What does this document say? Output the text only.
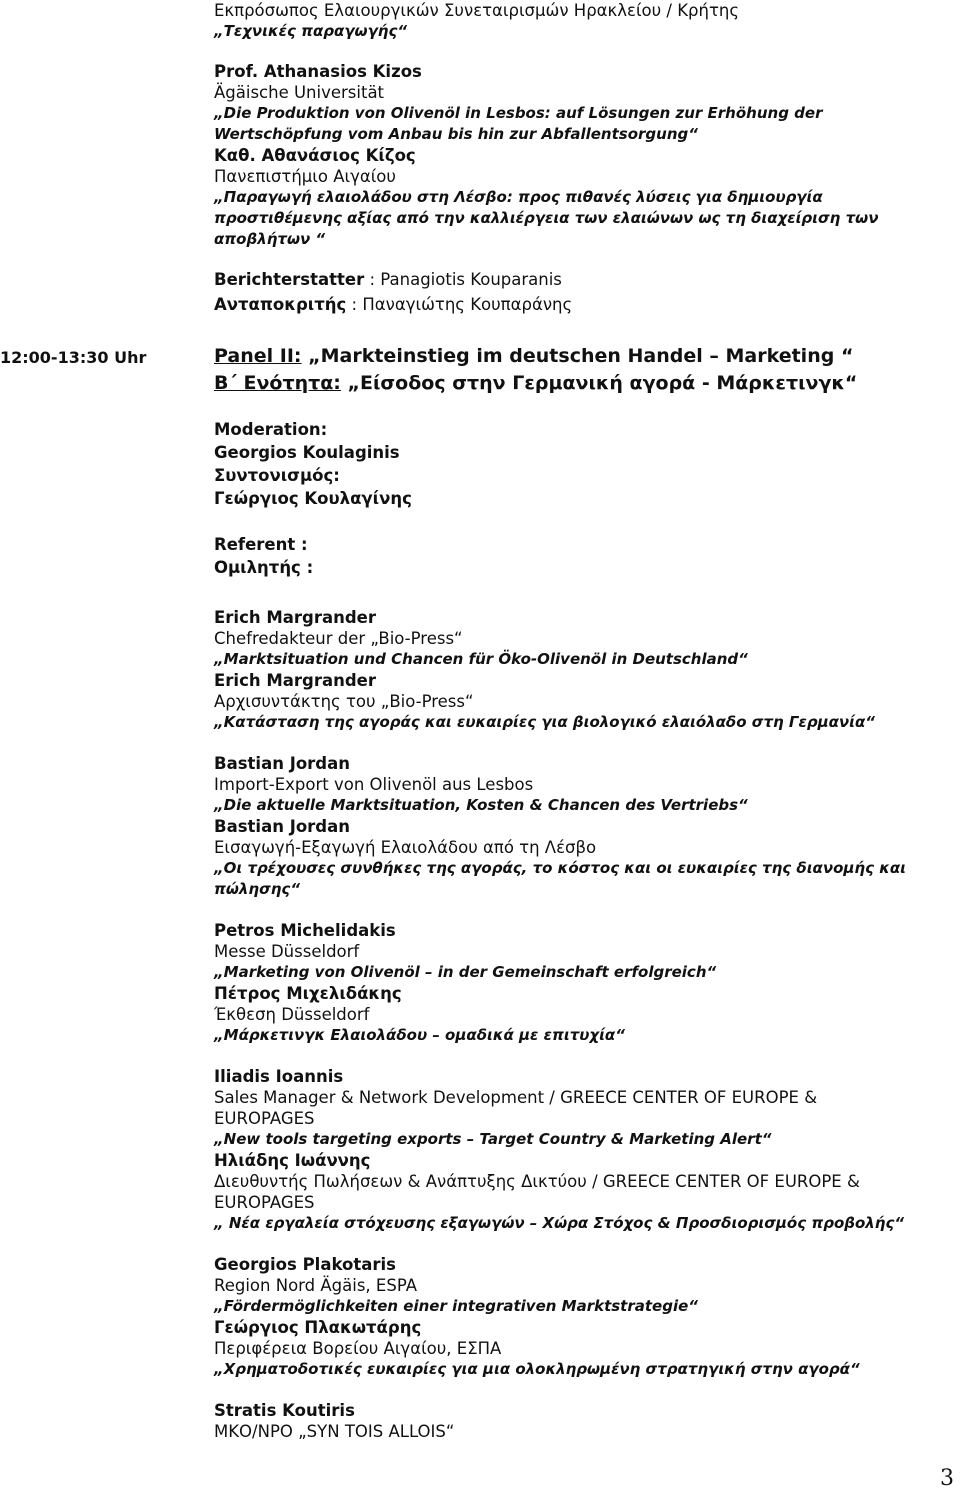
Εκπρόσωπος Ελαιουργικών Συνεταιρισμών Ηρακλείου / Κρήτης
„Τεχνικές παραγωγής“
Prof. Athanasios Kizos
Ägäische Universität
„Die Produktion von Olivenöl in Lesbos: auf Lösungen zur Erhöhung der Wertschöpfung vom Anbau bis hin zur Abfallentsorgung“
Καθ. Αθανάσιος Κίζος
Πανεπιστήμιο Αιγαίου
„Παραγωγή ελαιολάδου στη Λέσβο: προς πιθανές λύσεις για δημιουργία προστιθέμενης αξίας από την καλλιέργεια των ελαιώνων ως τη διαχείριση των αποβλήτων “
Berichterstatter : Panagiotis Kouparanis
Ανταποκριτής : Παναγιώτης Κουπαράνης
12:00-13:30 Uhr	Panel II: „Markteinstieg im deutschen Handel – Marketing “
Β΄ Ενότητα: „Είσοδος στην Γερμανική αγορά - Μάρκετινγκ“
Moderation:
Georgios Koulaginis
Συντονισμός:
Γεώργιος Κουλαγίνης
Referent :
Ομιλητής :
Erich Margrander
Chefredakteur der „Bio-Press“
„Marktsituation und Chancen für Öko-Olivenöl in Deutschland“
Erich Margrander
Αρχισυντάκτης του „Bio-Press“
„Κατάσταση της αγοράς και ευκαιρίες για βιολογικό ελαιόλαδο στη Γερμανία“
Bastian Jordan
Import-Export von Olivenöl aus Lesbos
„Die aktuelle Marktsituation, Kosten & Chancen des Vertriebs“
Bastian Jordan
Εισαγωγή-Εξαγωγή Ελαιολάδου από τη Λέσβο
„Οι τρέχουσες συνθήκες της αγοράς, το κόστος και οι ευκαιρίες της διανομής και πώλησης“
Petros Michelidakis
Messe Düsseldorf
„Marketing von Olivenöl – in der Gemeinschaft erfolgreich“
Πέτρος Μιχελιδάκης
Έκθεση Düsseldorf
„Μάρκετινγκ Ελαιολάδου – ομαδικά με επιτυχία“
Iliadis Ioannis
Sales Manager & Network Development / GREECE CENTER OF EUROPE & EUROPAGES
„New tools targeting exports – Target Country & Marketing Alert“
Ηλιάδης Ιωάννης
Διευθυντής Πωλήσεων & Ανάπτυξης Δικτύου / GREECE CENTER OF EUROPE & EUROPAGES
„ Νέα εργαλεία στόχευσης εξαγωγών – Χώρα Στόχος & Προσδιορισμός προβολής“
Georgios Plakotaris
Region Nord Ägäis, ESPA
„Fördermöglichkeiten einer integrativen Marktstrategie“
Γεώργιος Πλακωτάρης
Περιφέρεια Βορείου Αιγαίου, ΕΣΠΑ
„Χρηματοδοτικές ευκαιρίες για μια ολοκληρωμένη στρατηγική στην αγορά“
Stratis Koutiris
ΜΚΟ/NPO „SYN TOIS ALLOIS“
3
